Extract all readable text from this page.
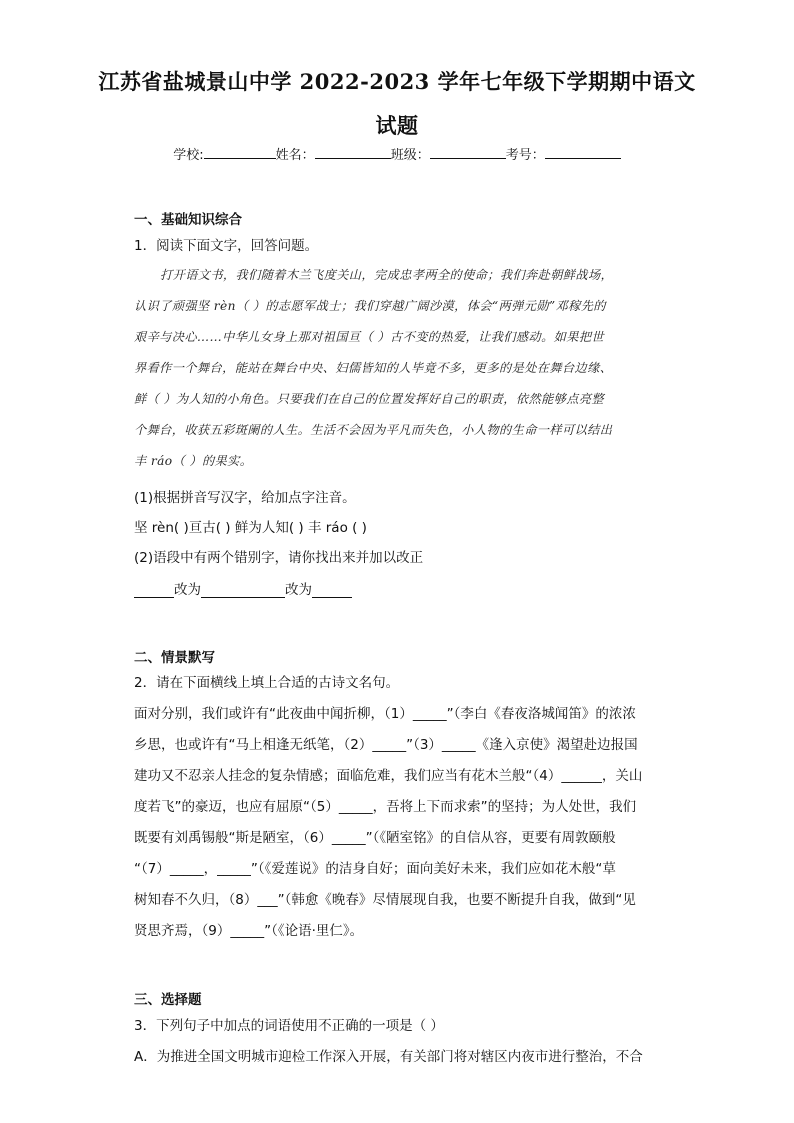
江苏省盐城景山中学 2022-2023 学年七年级下学期期中语文
试题
学校:	姓名：	班级：	考号：
一、基础知识综合
1．阅读下面文字，回答问题。
打开语文书，我们随着木兰飞度关山，完成忠孝两全的使命；我们奔赴朝鲜战场，
认识了顽强坚 rèn（ ）的志愿军战士；我们穿越广阔沙漠，体会“两弹元勋”邓稼先的
艰辛与决心……中华儿女身上那对祖国亘（ ）古不变的热爱，让我们感动。如果把世
界看作一个舞台，能站在舞台中央、妇儒皆知的人毕竟不多，更多的是处在舞台边缘、
鲜（ ）为人知的小角色。只要我们在自己的位置发挥好自己的职责，依然能够点亮整
个舞台，收获五彩斑阑的人生。生活不会因为平凡而失色，小人物的生命一样可以结出
丰 ráo（ ）的果实。
(1)根据拼音写汉字，给加点字注音。
坚 rèn( )亘古( ) 鲜为人知( ) 丰 ráo ( )
(2)语段中有两个错别字，请你找出来并加以改正
改为	改为
二、情景默写
2．请在下面横线上填上合适的古诗文名句。
面对分别，我们或许有“此夜曲中闻折柳，（1）_____”（李白《春夜洛城闻笛》的浓浓
乡思，也或许有“马上相逢无纸笔，（2）_____”（3）_____《逢入京使》渴望赴边报国
建功又不忍亲人挂念的复杂情感；面临危难，我们应当有花木兰般“（4）______，关山
度若飞”的豪迈，也应有屈原“（5）_____，吾将上下而求索”的坚持；为人处世，我们
既要有刘禹锡般“斯是陋室，（6）_____”（《陋室铭》的自信从容，更要有周敦颐般
“（7）_____，_____”（《爱莲说》的洁身自好；面向美好未来，我们应如花木般“草
树知春不久归，（8）___”（韩愈《晚春》尽情展现自我，也要不断提升自我，做到“见
贤思齐焉，（9）_____”（《论语·里仁》。
三、选择题
3．下列句子中加点的词语使用不正确的一项是（ ）
A．为推进全国文明城市迎检工作深入开展，有关部门将对辖区内夜市进行整治，不合
